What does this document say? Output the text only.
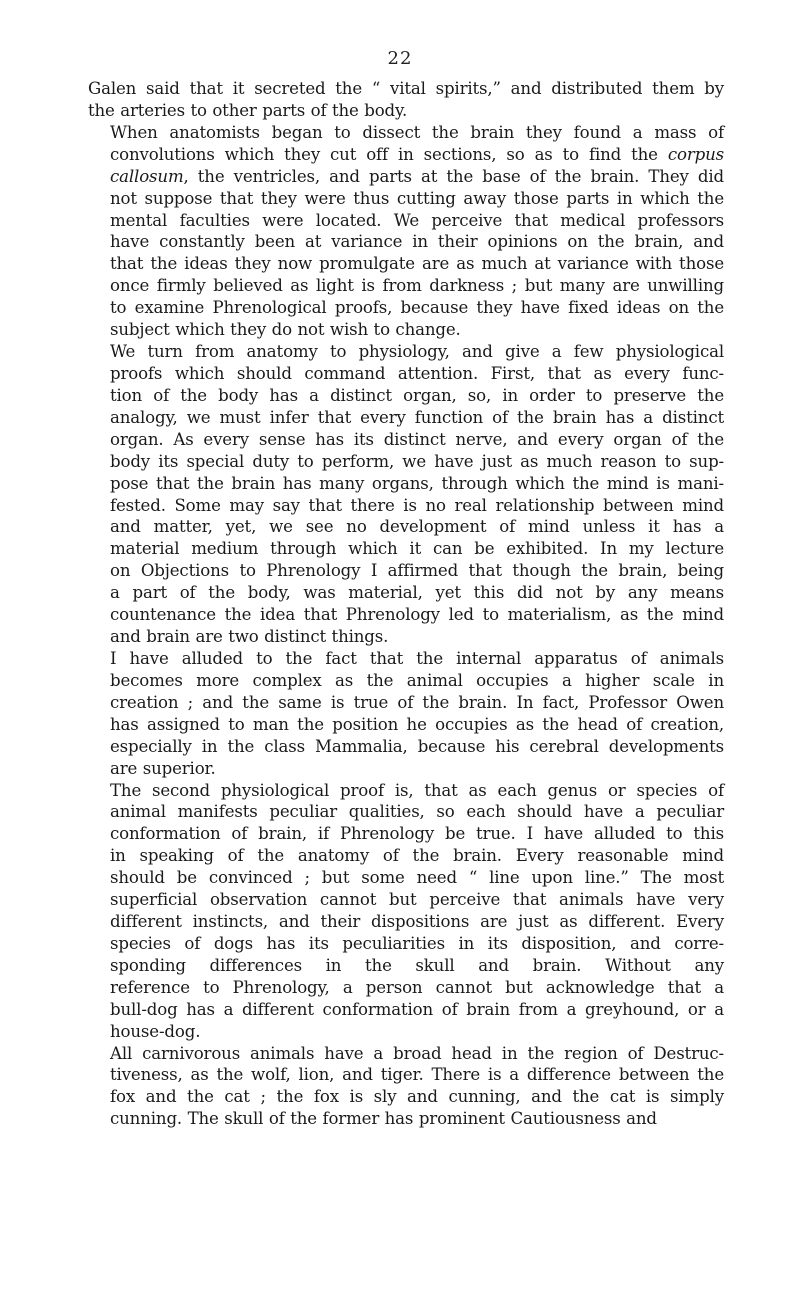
22

Galen said that it secreted the “ vital spirits,” and distributed them by
the arteries to other parts of the body.

When anatomists began to dissect the brain they found a mass of
convolutions which they cut off in sections, so as to find the corpus
callosum, the ventricles, and parts at the base of the brain. They did
not suppose that they were thus cutting away those parts in which the
mental faculties were located. We perceive that medical professors
have constantly been at variance in their opinions on the brain, and
that the ideas they now promulgate are as much at variance with those
once firmly believed as light is from darkness ; but many are unwilling
to examine Phrenological proofs, because they have fixed ideas on the
subject which they do not wish to change.

We turn from anatomy to physiology, and give a few physiological
proofs which should command attention. First, that as every func-
tion of the body has a distinct organ, so, in order to preserve the
analogy, we must infer that every function of the brain has a distinct
organ. As every sense has its distinct nerve, and every organ of the
body its special duty to perform, we have just as much reason to sup-
pose that the brain has many organs, through which the mind is mani-
fested. Some may say that there is no real relationship between mind
and matter, yet, we see no development of mind unless it has a
material medium through which it can be exhibited. In my lecture
on Objections to Phrenology I affirmed that though the brain, being
a part of the body, was material, yet this did not by any means
countenance the idea that Phrenology led to materialism, as the mind
and brain are two distinct things.

I have alluded to the fact that the internal apparatus of animals
becomes more complex as the animal occupies a higher scale in
creation ; and the same is true of the brain. In fact, Professor Owen
has assigned to man the position he occupies as the head of creation,
especially in the class Mammalia, because his cerebral developments
are superior.

The second physiological proof is, that as each genus or species of
animal manifests peculiar qualities, so each should have a peculiar
conformation of brain, if Phrenology be true. I have alluded to this
in speaking of the anatomy of the brain. Every reasonable mind
should be convinced ; but some need “ line upon line.” The most
superficial observation cannot but perceive that animals have very
different instincts, and their dispositions are just as different. Every
species of dogs has its peculiarities in its disposition, and corre-
sponding differences in the skull and brain. Without any
reference to Phrenology, a person cannot but acknowledge that a
bull-dog has a different conformation of brain from a greyhound, or a
house-dog.

All carnivorous animals have a broad head in the region of Destruc-
tiveness, as the wolf, lion, and tiger. There is a difference between the
fox and the cat ; the fox is sly and cunning, and the cat is simply
cunning. The skull of the former has prominent Cautiousness and
